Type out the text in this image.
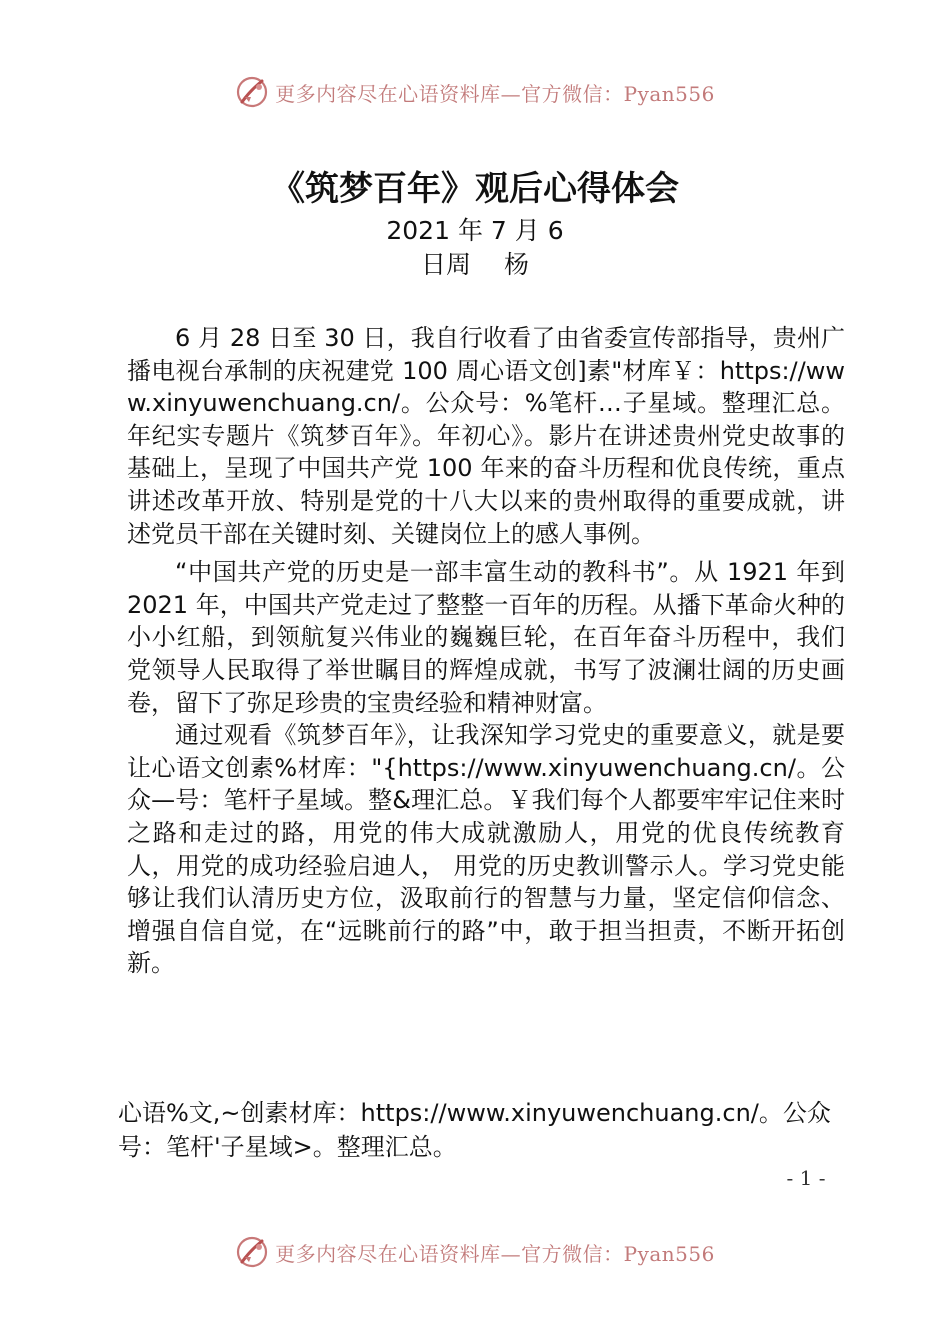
更多内容尽在心语资料库—官方微信：Pyan556
《筑梦百年》观后心得体会
2021 年 7 月 6
日周　 杨

6 月 28 日至 30 日，我自行收看了由省委宣传部指导，贵州广播电视台承制的庆祝建党 100 周心语文创]素"材库￥：https://www.xinyuwenchuang.cn/。公众号：%笔杆…子星域。整理汇总。年纪实专题片《筑梦百年》。年初心》。影片在讲述贵州党史故事的基础上，呈现了中国共产党 100 年来的奋斗历程和优良传统，重点讲述改革开放、特别是党的十八大以来的贵州取得的重要成就，讲述党员干部在关键时刻、关键岗位上的感人事例。

“中国共产党的历史是一部丰富生动的教科书”。从 1921 年到 2021 年，中国共产党走过了整整一百年的历程。从播下革命火种的小小红船，到领航复兴伟业的巍巍巨轮，在百年奋斗历程中，我们党领导人民取得了举世瞩目的辉煌成就，书写了波澜壮阔的历史画卷，留下了弥足珍贵的宝贵经验和精神财富。

通过观看《筑梦百年》，让我深知学习党史的重要意义，就是要让心语文创素%材库："{https://www.xinyuwenchuang.cn/。公众—号：笔杆子星域。整&理汇总。￥我们每个人都要牢牢记住来时之路和走过的路，用党的伟大成就激励人，用党的优良传统教育人，用党的成功经验启迪人， 用党的历史教训警示人。学习党史能够让我们认清历史方位，汲取前行的智慧与力量，坚定信仰信念、增强自信自觉，在“远眺前行的路”中，敢于担当担责，不断开拓创新。

心语%文,~创素材库：https://www.xinyuwenchuang.cn/。公众号：笔杆'子星域>。整理汇总。
- 1 -
更多内容尽在心语资料库—官方微信：Pyan556
